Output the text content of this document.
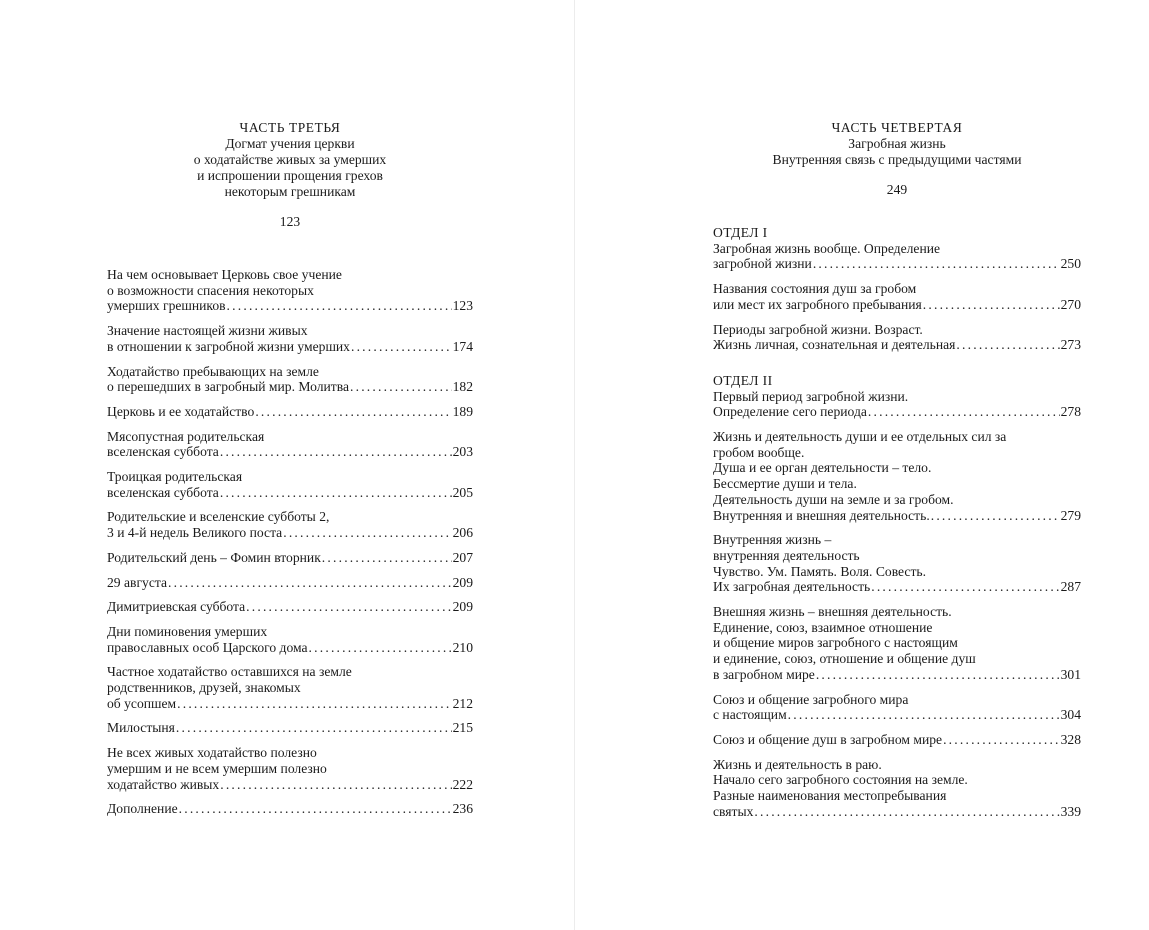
ЧАСТЬ ТРЕТЬЯ
Догмат учения церкви
о ходатайстве живых за умерших
и испрошении прощения грехов
некоторым грешникам
123
На чем основывает Церковь свое учение
о возможности спасения некоторых
умерших грешников .....	123
Значение настоящей жизни живых
в отношении к загробной жизни умерших .....	174
Ходатайство пребывающих на земле
о перешедших в загробный мир. Молитва .....	182
Церковь и ее ходатайство .....	189
Мясопустная родительская
вселенская суббота .....	203
Троицкая родительская
вселенская суббота .....	205
Родительские и вселенские субботы 2,
3 и 4-й недель Великого поста .....	206
Родительский день – Фомин вторник .....	207
29 августа .....	209
Димитриевская суббота .....	209
Дни поминовения умерших
православных особ Царского дома .....	210
Частное ходатайство оставшихся на земле
родственников, друзей, знакомых
об усопшем .....	212
Милостыня .....	215
Не всех живых ходатайство полезно
умершим и не всем умершим полезно
ходатайство живых .....	222
Дополнение .....	236
ЧАСТЬ ЧЕТВЕРТАЯ
Загробная жизнь
Внутренняя связь с предыдущими частями
249
ОТДЕЛ I
Загробная жизнь вообще. Определение
загробной жизни .....	250
Названия состояния душ за гробом
или мест их загробного пребывания .....	270
Периоды загробной жизни. Возраст.
Жизнь личная, сознательная и деятельная .....	273
ОТДЕЛ II
Первый период загробной жизни.
Определение сего периода .....	278
Жизнь и деятельность души и ее отдельных сил за
гробом вообще.
Душа и ее орган деятельности – тело.
Бессмертие души и тела.
Деятельность души на земле и за гробом.
Внутренняя и внешняя деятельность. .....	279
Внутренняя жизнь –
внутренняя деятельность
Чувство. Ум. Память. Воля. Совесть.
Их загробная деятельность .....	287
Внешняя жизнь – внешняя деятельность.
Единение, союз, взаимное отношение
и общение миров загробного с настоящим
и единение, союз, отношение и общение душ
в загробном мире .....	301
Союз и общение загробного мира
с настоящим .....	304
Союз и общение душ в загробном мире .....	328
Жизнь и деятельность в раю.
Начало сего загробного состояния на земле.
Разные наименования местопребывания
святых .....	339
